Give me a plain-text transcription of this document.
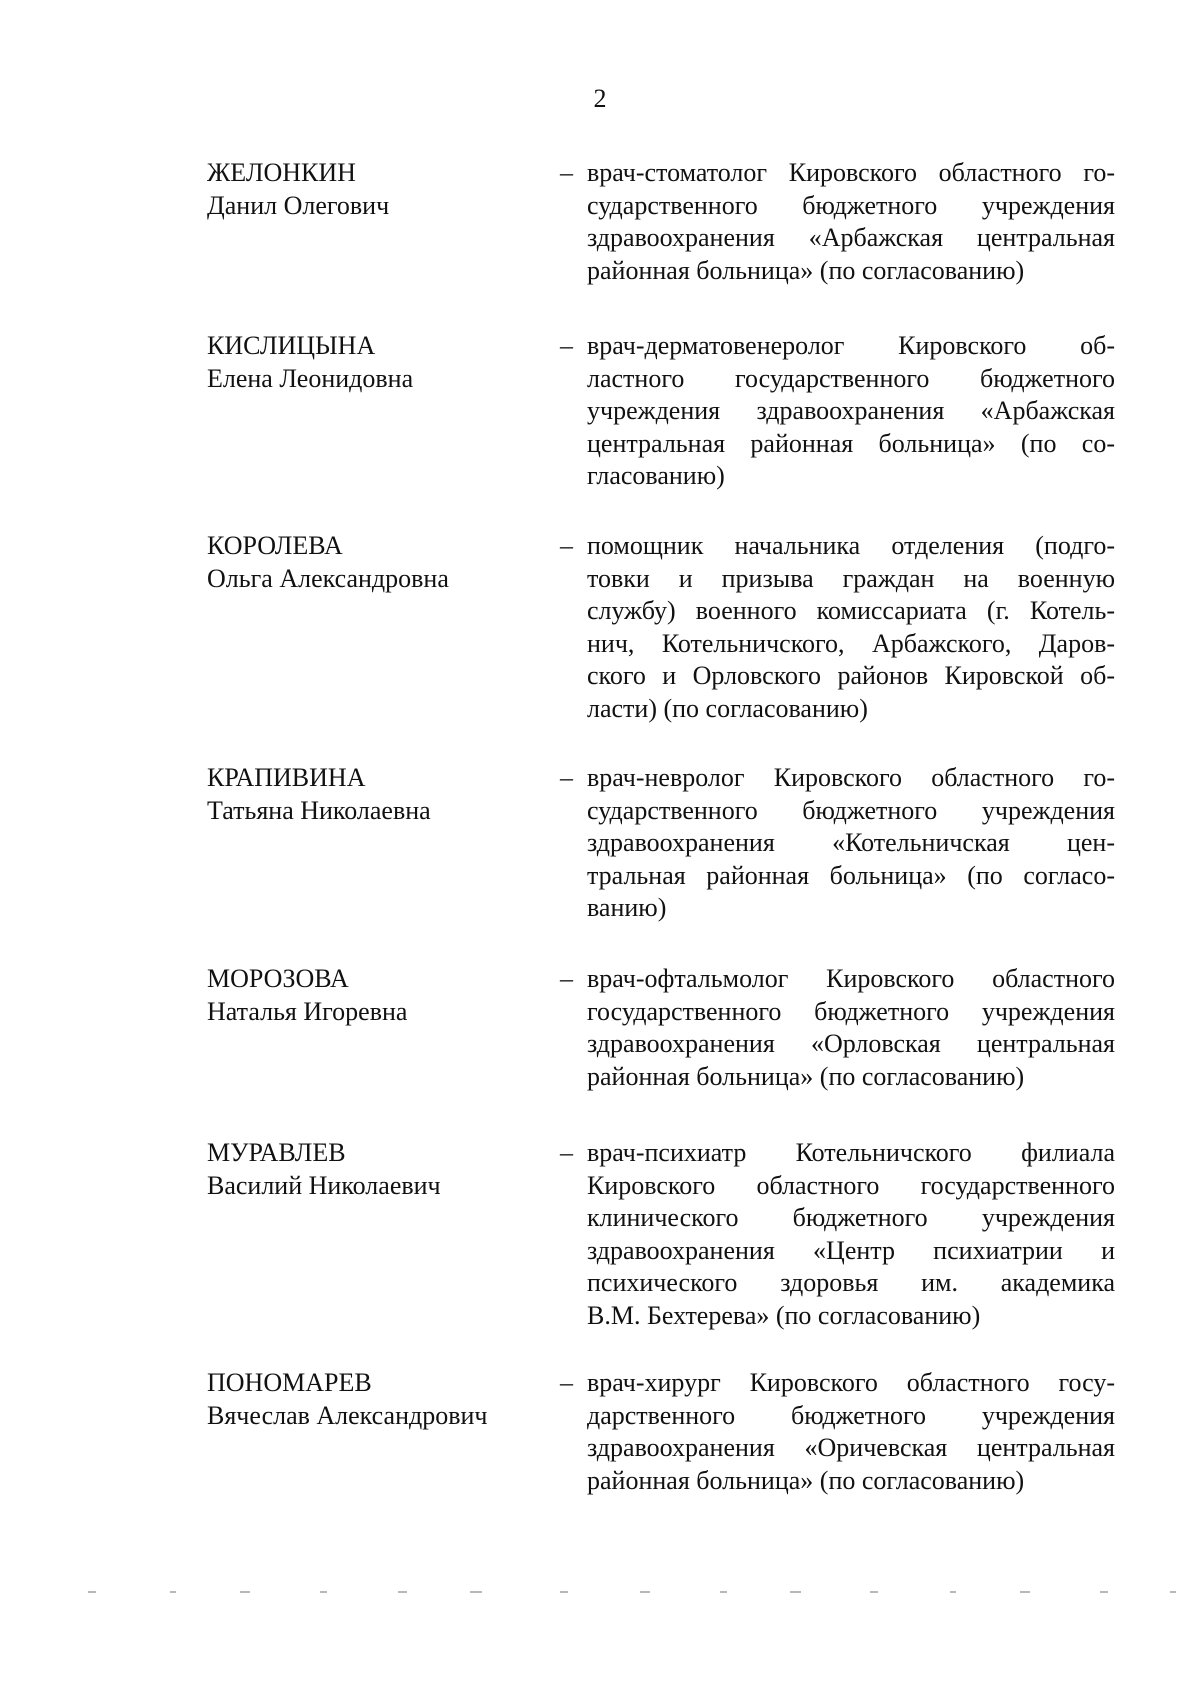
2
ЖЕЛОНКИН
Данил Олегович
– врач-стоматолог Кировского областного го-
сударственного бюджетного учреждения
здравоохранения «Арбажская центральная
районная больница» (по согласованию)
КИСЛИЦЫНА
Елена Леонидовна
– врач-дерматовенеролог Кировского об-
ластного государственного бюджетного
учреждения здравоохранения «Арбажская
центральная районная больница» (по со-
гласованию)
КОРОЛЕВА
Ольга Александровна
– помощник начальника отделения (подго-
товки и призыва граждан на военную
службу) военного комиссариата (г. Котель-
нич, Котельничского, Арбажского, Даров-
ского и Орловского районов Кировской об-
ласти) (по согласованию)
КРАПИВИНА
Татьяна Николаевна
– врач-невролог Кировского областного го-
сударственного бюджетного учреждения
здравоохранения «Котельничская цен-
тральная районная больница» (по согласо-
ванию)
МОРОЗОВА
Наталья Игоревна
– врач-офтальмолог Кировского областного
государственного бюджетного учреждения
здравоохранения «Орловская центральная
районная больница» (по согласованию)
МУРАВЛЕВ
Василий Николаевич
– врач-психиатр Котельничского филиала
Кировского областного государственного
клинического бюджетного учреждения
здравоохранения «Центр психиатрии и
психического здоровья им. академика
В.М. Бехтерева» (по согласованию)
ПОНОМАРЕВ
Вячеслав Александрович
– врач-хирург Кировского областного госу-
дарственного бюджетного учреждения
здравоохранения «Оричевская центральная
районная больница» (по согласованию)
